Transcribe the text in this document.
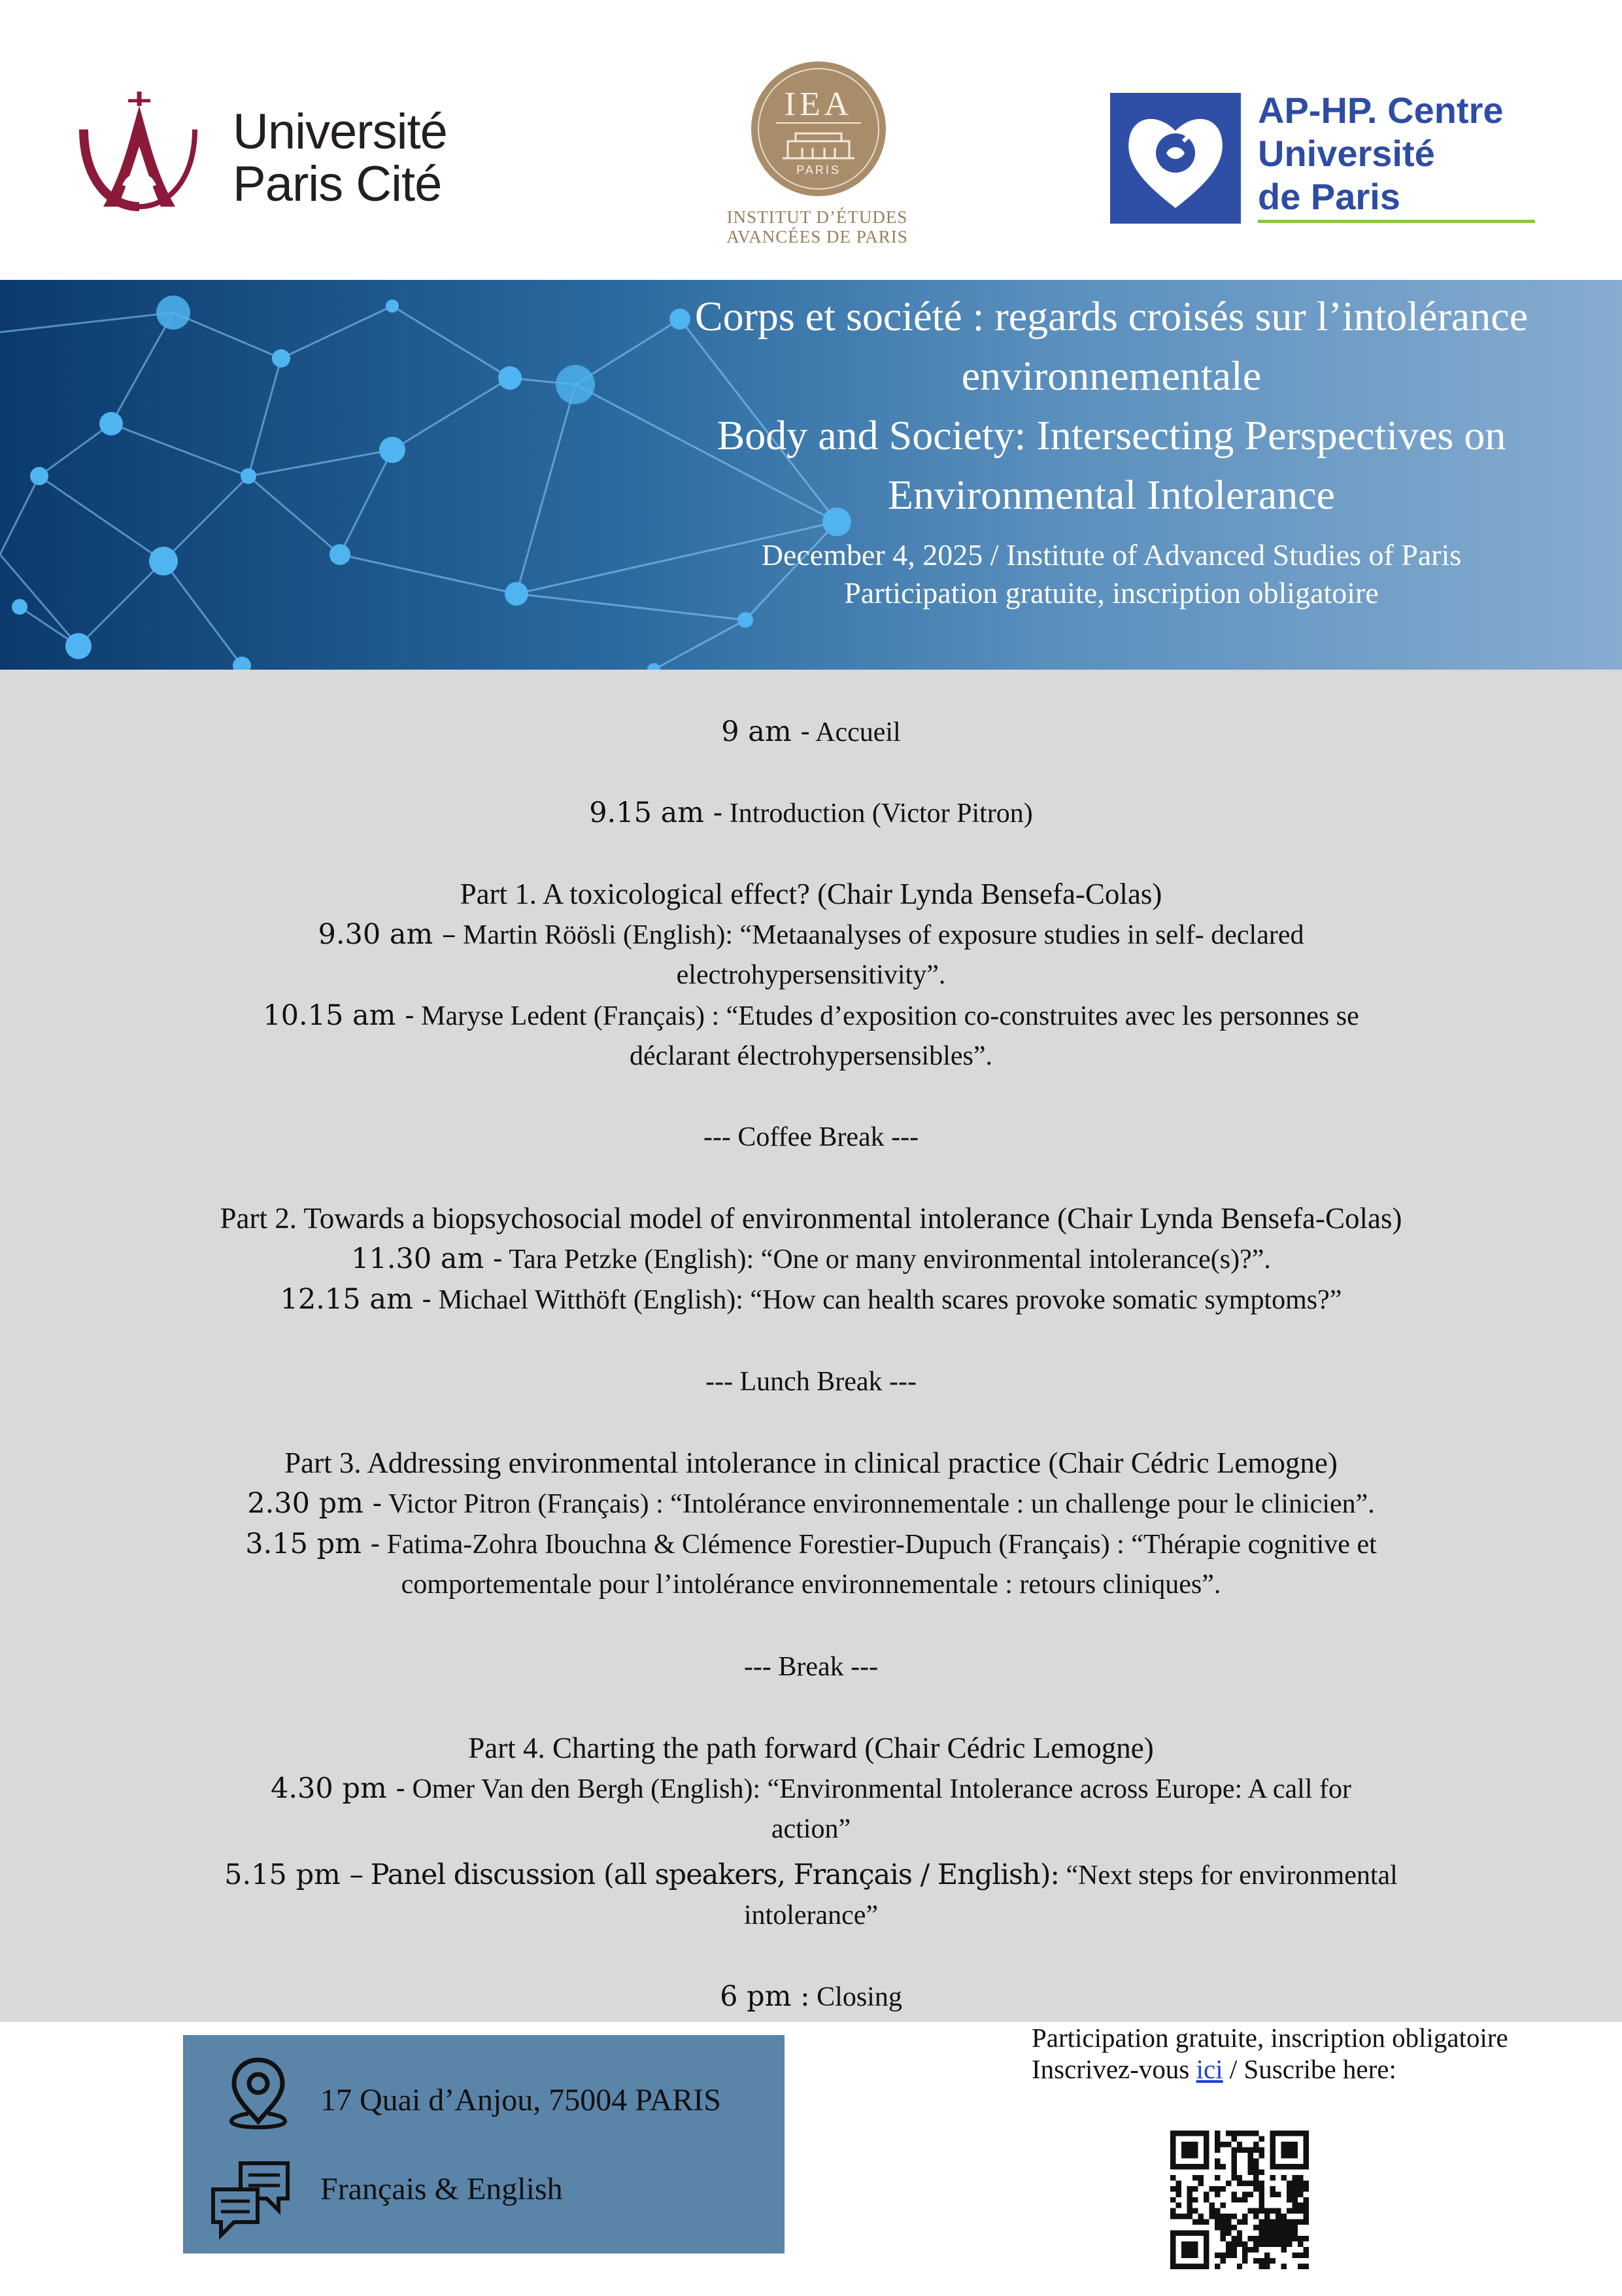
Université
Paris Cité
IEA
PARIS
INSTITUT D’ÉTUDES
AVANCÉES DE PARIS
AP-HP. Centre
Université
de Paris
Corps et société : regards croisés sur l’intolérance
environnementale
Body and Society: Intersecting Perspectives on
Environmental Intolerance
December 4, 2025 / Institute of Advanced Studies of Paris
Participation gratuite, inscription obligatoire
9 am - Accueil
9.15 am - Introduction (Victor Pitron)
Part 1. A toxicological effect? (Chair Lynda Bensefa-Colas)
9.30 am – Martin Röösli (English): “Metaanalyses of exposure studies in self- declared
electrohypersensitivity”.
10.15 am - Maryse Ledent (Français) : “Etudes d’exposition co-construites avec les personnes se
déclarant électrohypersensibles”.
--- Coffee Break ---
Part 2. Towards a biopsychosocial model of environmental intolerance (Chair Lynda Bensefa-Colas)
11.30 am - Tara Petzke (English): “One or many environmental intolerance(s)?”.
12.15 am - Michael Witthöft (English): “How can health scares provoke somatic symptoms?”
--- Lunch Break ---
Part 3. Addressing environmental intolerance in clinical practice (Chair Cédric Lemogne)
2.30 pm - Victor Pitron (Français) : “Intolérance environnementale : un challenge pour le clinicien”.
3.15 pm - Fatima-Zohra Ibouchna & Clémence Forestier-Dupuch (Français) : “Thérapie cognitive et
comportementale pour l’intolérance environnementale : retours cliniques”.
--- Break ---
Part 4. Charting the path forward (Chair Cédric Lemogne)
4.30 pm - Omer Van den Bergh (English): “Environmental Intolerance across Europe: A call for
action”
5.15 pm – Panel discussion (all speakers, Français / English): “Next steps for environmental
intolerance”
6 pm : Closing
17 Quai d’Anjou, 75004 PARIS
Français & English
Participation gratuite, inscription obligatoire
Inscrivez-vous ici / Suscribe here:
